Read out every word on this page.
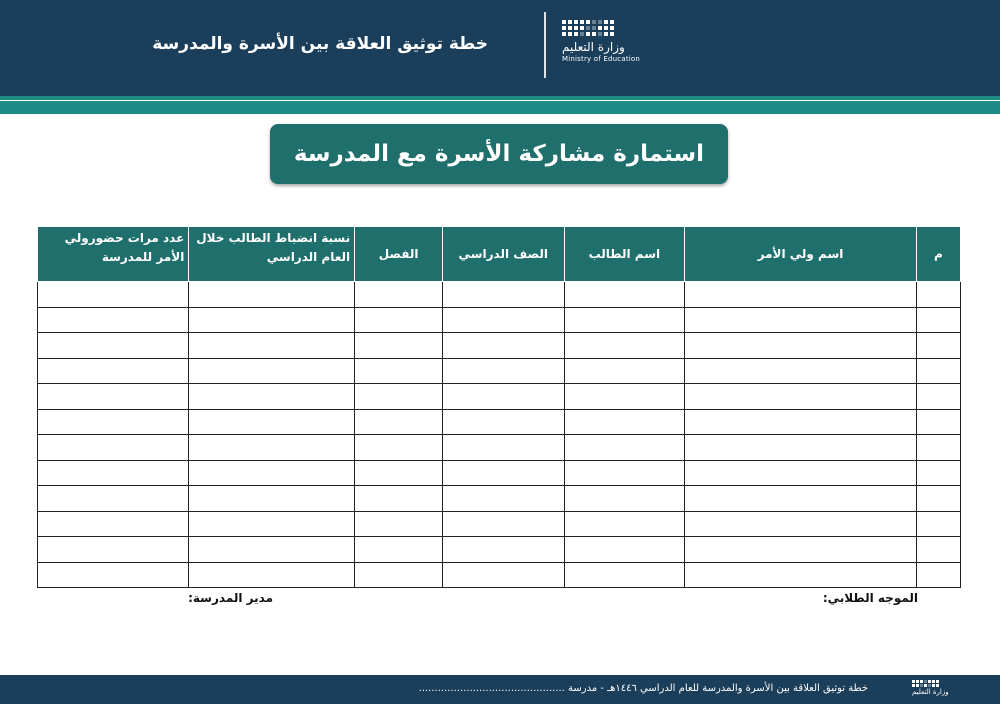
خطة توثيق العلاقة بين الأسرة والمدرسة	وزارة التعليم
Ministry of Education
استمارة مشاركة الأسرة مع المدرسة
م	اسم ولي الأمر	اسم الطالب	الصف الدراسي	الفصل	نسبة انضباط الطالب خلال العام الدراسي	عدد مرات حضورولي الأمر للمدرسة

الموجه الطلابي:
مدير المدرسة:
خطة توثيق العلاقة بين الأسرة والمدرسة للعام الدراسي ١٤٤٦هـ - مدرسة ..............................................	وزارة التعليم
